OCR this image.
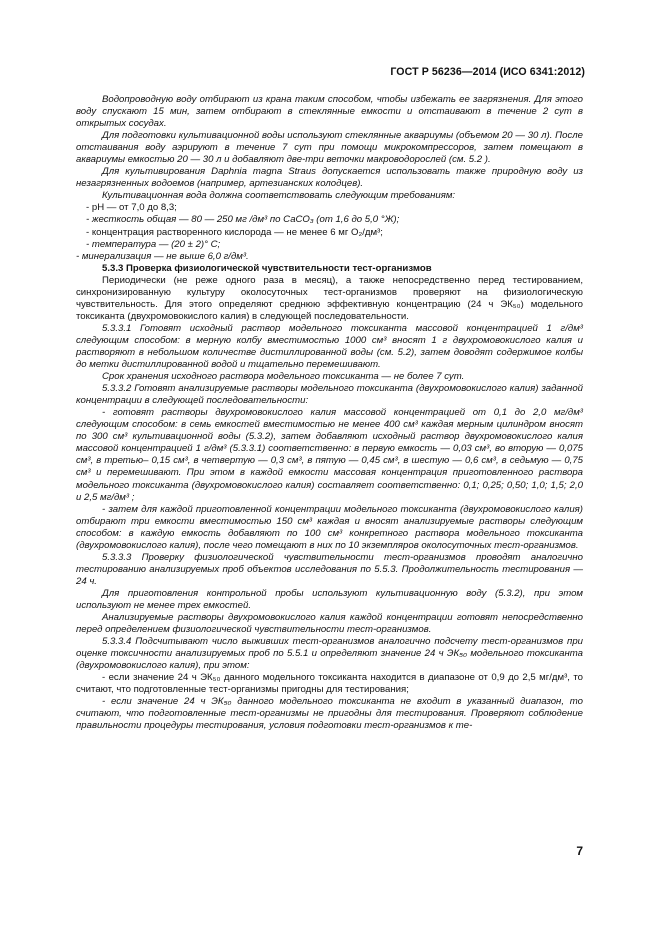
ГОСТ Р 56236—2014 (ИСО 6341:2012)

Водопроводную воду отбирают из крана таким способом, чтобы избежать ее загрязнения. Для этого воду спускают 15 мин, затем отбирают в стеклянные емкости и отстаивают в течение 2 сут в открытых сосудах.

Для подготовки культивационной воды используют стеклянные аквариумы (объемом 20 — 30 л). После отстаивания воду аэрируют в течение 7 сут при помощи микрокомпрессоров, затем помещают в аквариумы емкостью 20 — 30 л и добавляют две-три веточки макроводорослей (см. 5.2 ).

Для культивирования Daphnia magna Straus допускается использовать также природную воду из незагрязненных водоемов (например, артезианских колодцев).

Культивационная вода должна соответствовать следующим требованиям:

- рН — от 7,0 до 8,3;

- жесткость общая — 80 — 250 мг /дм³ по СаСО₃ (от 1,6 до 5,0 °Ж);

- концентрация растворенного кислорода — не менее 6 мг О₂/дм³;

- температура — (20 ± 2)° С;

- минерализация — не выше 6,0 г/дм³.

5.3.3 Проверка физиологической чувствительности тест-организмов

Периодически (не реже одного раза в месяц), а также непосредственно перед тестированием, синхронизированную культуру околосуточных тест-организмов проверяют на физиологическую чувствительность. Для этого определяют среднюю эффективную концентрацию (24 ч ЭК₅₀) модельного токсиканта (двухромовокислого калия) в следующей последовательности.

5.3.3.1 Готовят исходный раствор модельного токсиканта массовой концентрацией 1 г/дм³ следующим способом: в мерную колбу вместимостью 1000 см³ вносят 1 г двухромовокислого калия и растворяют в небольшом количестве дистиллированной воды (см. 5.2), затем доводят содержимое колбы до метки дистиллированной водой и тщательно перемешивают.

Срок хранения исходного раствора модельного токсиканта — не более 7 сут.

5.3.3.2 Готовят анализируемые растворы модельного токсиканта (двухромовокислого калия) заданной концентрации в следующей последовательности:

- готовят растворы двухромовокислого калия массовой концентрацией от 0,1 до 2,0 мг/дм³ следующим способом: в семь емкостей вместимостью не менее 400 см³ каждая мерным цилиндром вносят по 300 см³ культивационной воды (5.3.2), затем добавляют исходный раствор двухромовокислого калия массовой концентрацией 1 г/дм³ (5.3.3.1) соответственно: в первую емкость — 0,03 см³, во вторую — 0,075 см³, в третью– 0,15 см³, в четвертую — 0,3 см³, в пятую — 0,45 см³, в шестую — 0,6 см³, в седьмую — 0,75 см³ и перемешивают. При этом в каждой емкости массовая концентрация приготовленного раствора модельного токсиканта (двухромовокислого калия) составляет соответственно: 0,1; 0,25; 0,50; 1,0; 1,5; 2,0 и 2,5 мг/дм³ ;

- затем для каждой приготовленной концентрации модельного токсиканта (двухромовокислого калия) отбирают три емкости вместимостью 150 см³ каждая и вносят анализируемые растворы следующим способом: в каждую емкость добавляют по 100 см³ конкретного раствора модельного токсиканта (двухромовокислого калия), после чего помещают в них по 10 экземпляров околосуточных тест-организмов.

5.3.3.3 Проверку физиологической чувствительности тест-организмов проводят аналогично тестированию анализируемых проб объектов исследования по 5.5.3. Продолжительность тестирования — 24 ч.

Для приготовления контрольной пробы используют культивационную воду (5.3.2), при этом используют не менее трех емкостей.

Анализируемые растворы двухромовокислого калия каждой концентрации готовят непосредственно перед определением физиологической чувствительности тест-организмов.

5.3.3.4 Подсчитывают число выживших тест-организмов аналогично подсчету тест-организмов при оценке токсичности анализируемых проб по 5.5.1 и определяют значение 24 ч ЭК₅₀ модельного токсиканта (двухромовокислого калия), при этом:

- если значение 24 ч ЭК₅₀ данного модельного токсиканта находится в диапазоне от 0,9 до 2,5 мг/дм³, то считают, что подготовленные тест-организмы пригодны для тестирования;

- если значение 24 ч ЭК₅₀ данного модельного токсиканта не входит в указанный диапазон, то считают, что подготовленные тест-организмы не пригодны для тестирования. Проверяют соблюдение правильности процедуры тестирования, условия подготовки тест-организмов к те-

7
